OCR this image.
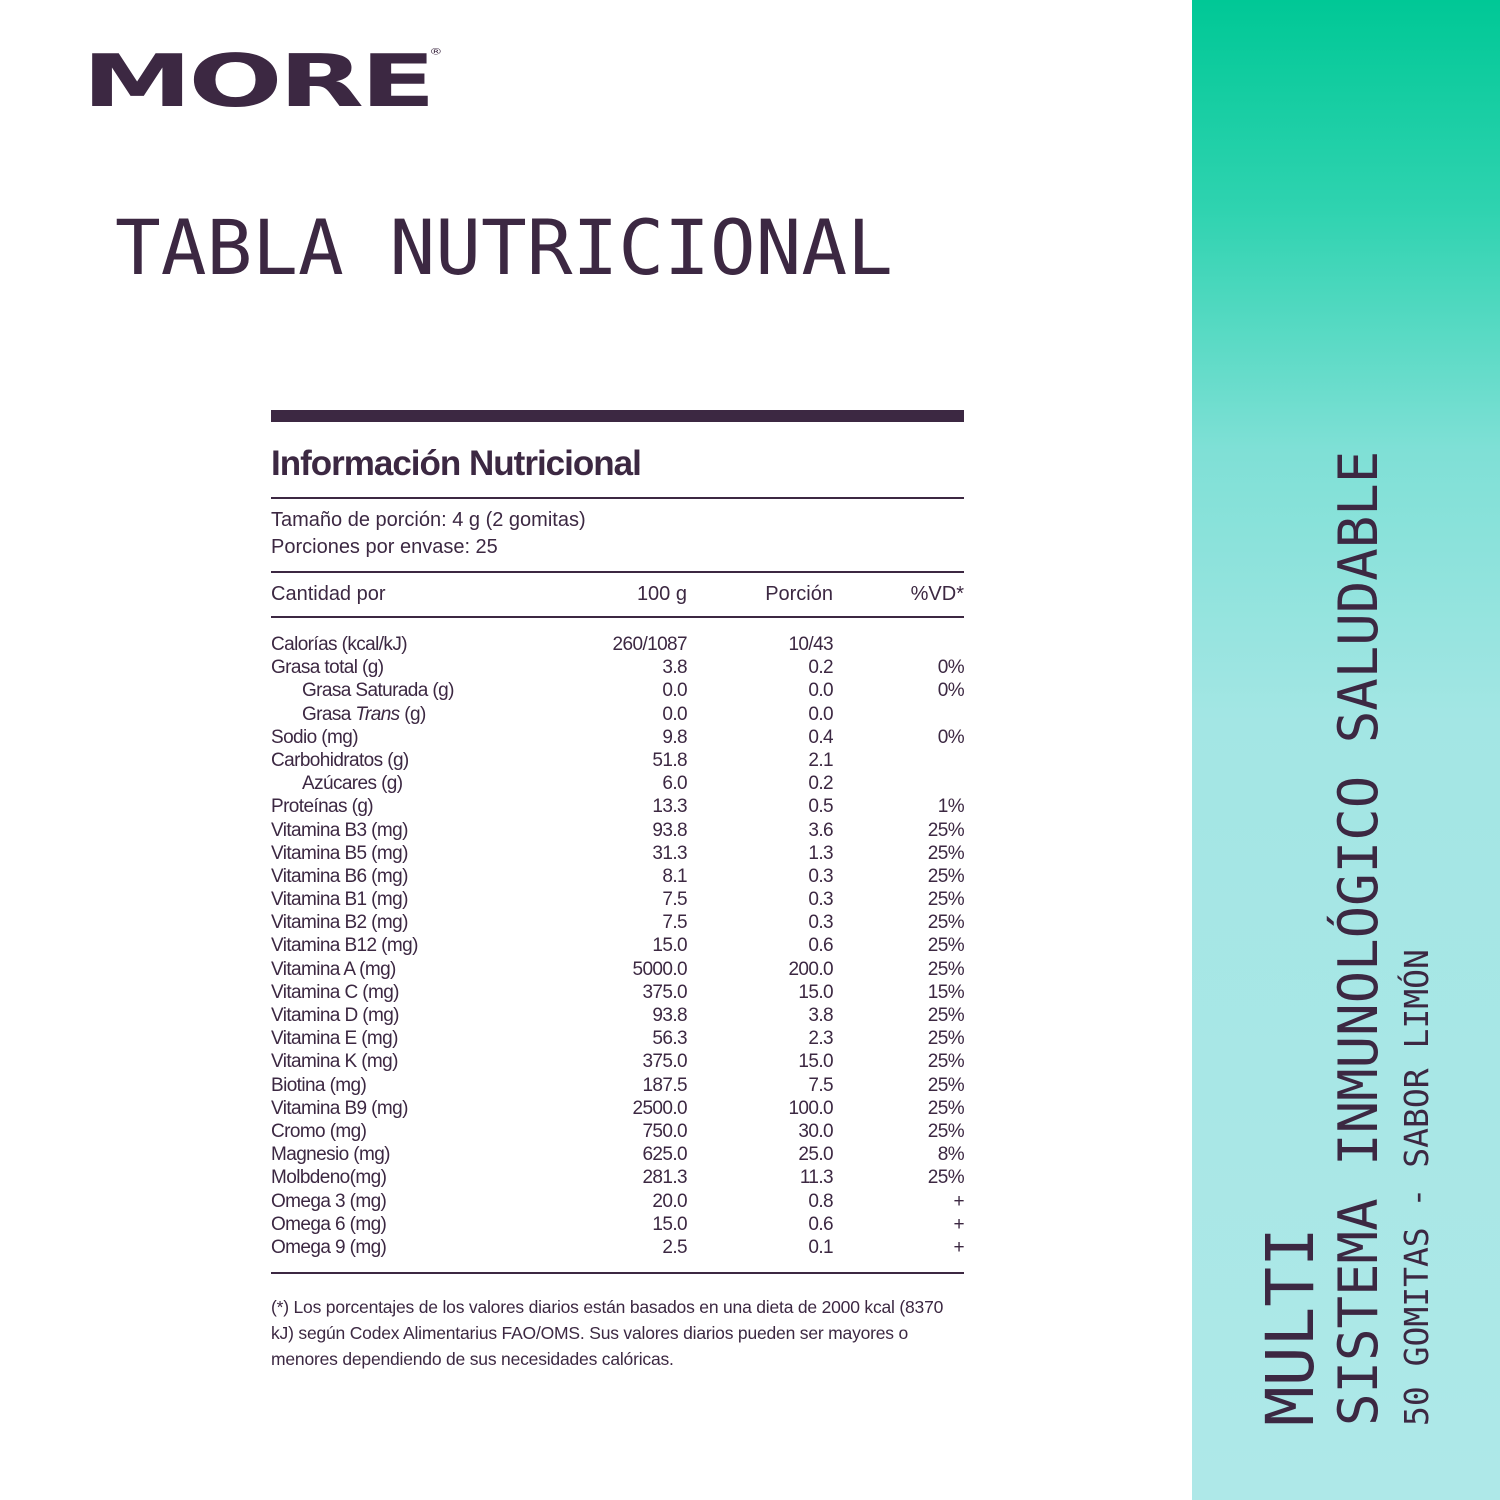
MORE
®
TABLA NUTRICIONAL
MULTI
SISTEMA INMUNOLÓGICO SALUDABLE 50 GOMITAS - SABOR LIMÓN
Información Nutricional
Tamaño de porción: 4 g (2 gomitas)
Porciones por envase: 25
Cantidad por	100 g	Porción	%VD*
Calorías (kcal/kJ)	260/1087	10/43
Grasa total (g)	3.8	0.2	0%
Grasa Saturada (g)	0.0	0.0	0%
Grasa Trans (g)	0.0	0.0
Sodio (mg)	9.8	0.4	0%
Carbohidratos (g)	51.8	2.1
Azúcares (g)	6.0	0.2
Proteínas (g)	13.3	0.5	1%
Vitamina B3 (mg)	93.8	3.6	25%
Vitamina B5 (mg)	31.3	1.3	25%
Vitamina B6 (mg)	8.1	0.3	25%
Vitamina B1 (mg)	7.5	0.3	25%
Vitamina B2 (mg)	7.5	0.3	25%
Vitamina B12 (mg)	15.0	0.6	25%
Vitamina A (mg)	5000.0	200.0	25%
Vitamina C (mg)	375.0	15.0	15%
Vitamina D (mg)	93.8	3.8	25%
Vitamina E (mg)	56.3	2.3	25%
Vitamina K (mg)	375.0	15.0	25%
Biotina (mg)	187.5	7.5	25%
Vitamina B9 (mg)	2500.0	100.0	25%
Cromo (mg)	750.0	30.0	25%
Magnesio (mg)	625.0	25.0	8%
Molbdeno(mg)	281.3	11.3	25%
Omega 3 (mg)	20.0	0.8	+
Omega 6 (mg)	15.0	0.6	+
Omega 9 (mg)	2.5	0.1	+
(*) Los porcentajes de los valores diarios están basados en una dieta de 2000 kcal (8370 kJ) según Codex Alimentarius FAO/OMS. Sus valores diarios pueden ser mayores o menores dependiendo de sus necesidades calóricas.
